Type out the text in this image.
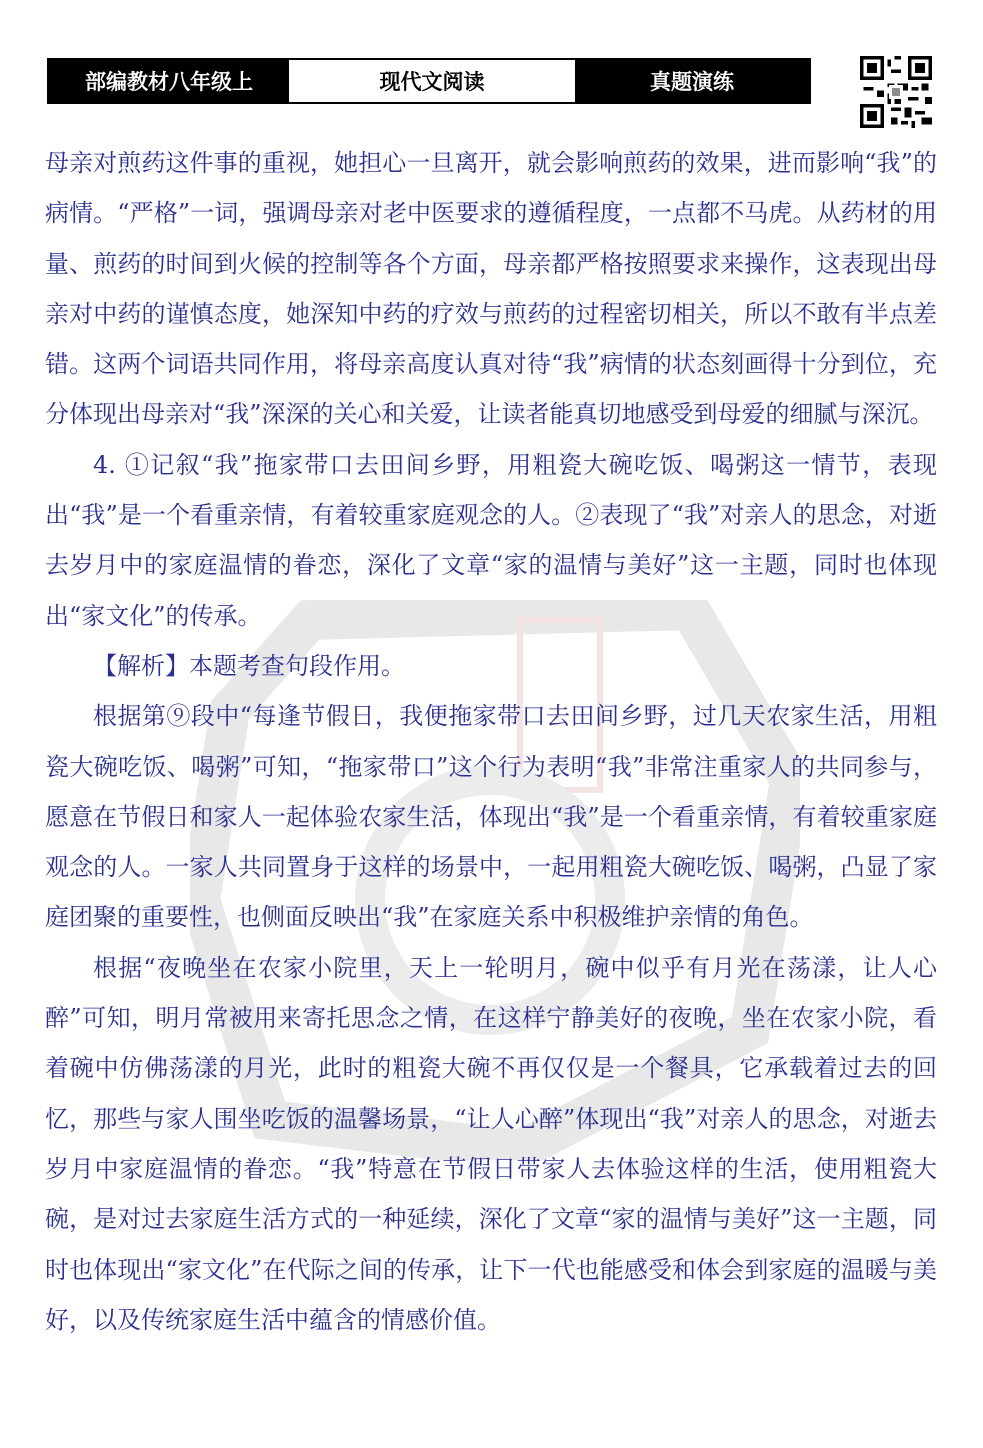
部编教材八年级上	现代文阅读	真题演练

母亲对煎药这件事的重视，她担心一旦离开，就会影响煎药的效果，进而影响“我”的病情。“严格”一词，强调母亲对老中医要求的遵循程度，一点都不马虎。从药材的用量、煎药的时间到火候的控制等各个方面，母亲都严格按照要求来操作，这表现出母亲对中药的谨慎态度，她深知中药的疗效与煎药的过程密切相关，所以不敢有半点差错。这两个词语共同作用，将母亲高度认真对待“我”病情的状态刻画得十分到位，充分体现出母亲对“我”深深的关心和关爱，让读者能真切地感受到母爱的细腻与深沉。

4. ①记叙“我”拖家带口去田间乡野，用粗瓷大碗吃饭、喝粥这一情节，表现出“我”是一个看重亲情，有着较重家庭观念的人。②表现了“我”对亲人的思念，对逝去岁月中的家庭温情的眷恋，深化了文章“家的温情与美好”这一主题，同时也体现出“家文化”的传承。

【解析】本题考查句段作用。

根据第⑨段中“每逢节假日，我便拖家带口去田间乡野，过几天农家生活，用粗瓷大碗吃饭、喝粥”可知，“拖家带口”这个行为表明“我”非常注重家人的共同参与，愿意在节假日和家人一起体验农家生活，体现出“我”是一个看重亲情，有着较重家庭观念的人。一家人共同置身于这样的场景中，一起用粗瓷大碗吃饭、喝粥，凸显了家庭团聚的重要性，也侧面反映出“我”在家庭关系中积极维护亲情的角色。

根据“夜晚坐在农家小院里，天上一轮明月，碗中似乎有月光在荡漾，让人心醉”可知，明月常被用来寄托思念之情，在这样宁静美好的夜晚，坐在农家小院，看着碗中仿佛荡漾的月光，此时的粗瓷大碗不再仅仅是一个餐具，它承载着过去的回忆，那些与家人围坐吃饭的温馨场景，“让人心醉”体现出“我”对亲人的思念，对逝去岁月中家庭温情的眷恋。“我”特意在节假日带家人去体验这样的生活，使用粗瓷大碗，是对过去家庭生活方式的一种延续，深化了文章“家的温情与美好”这一主题，同时也体现出“家文化”在代际之间的传承，让下一代也能感受和体会到家庭的温暖与美好，以及传统家庭生活中蕴含的情感价值。
